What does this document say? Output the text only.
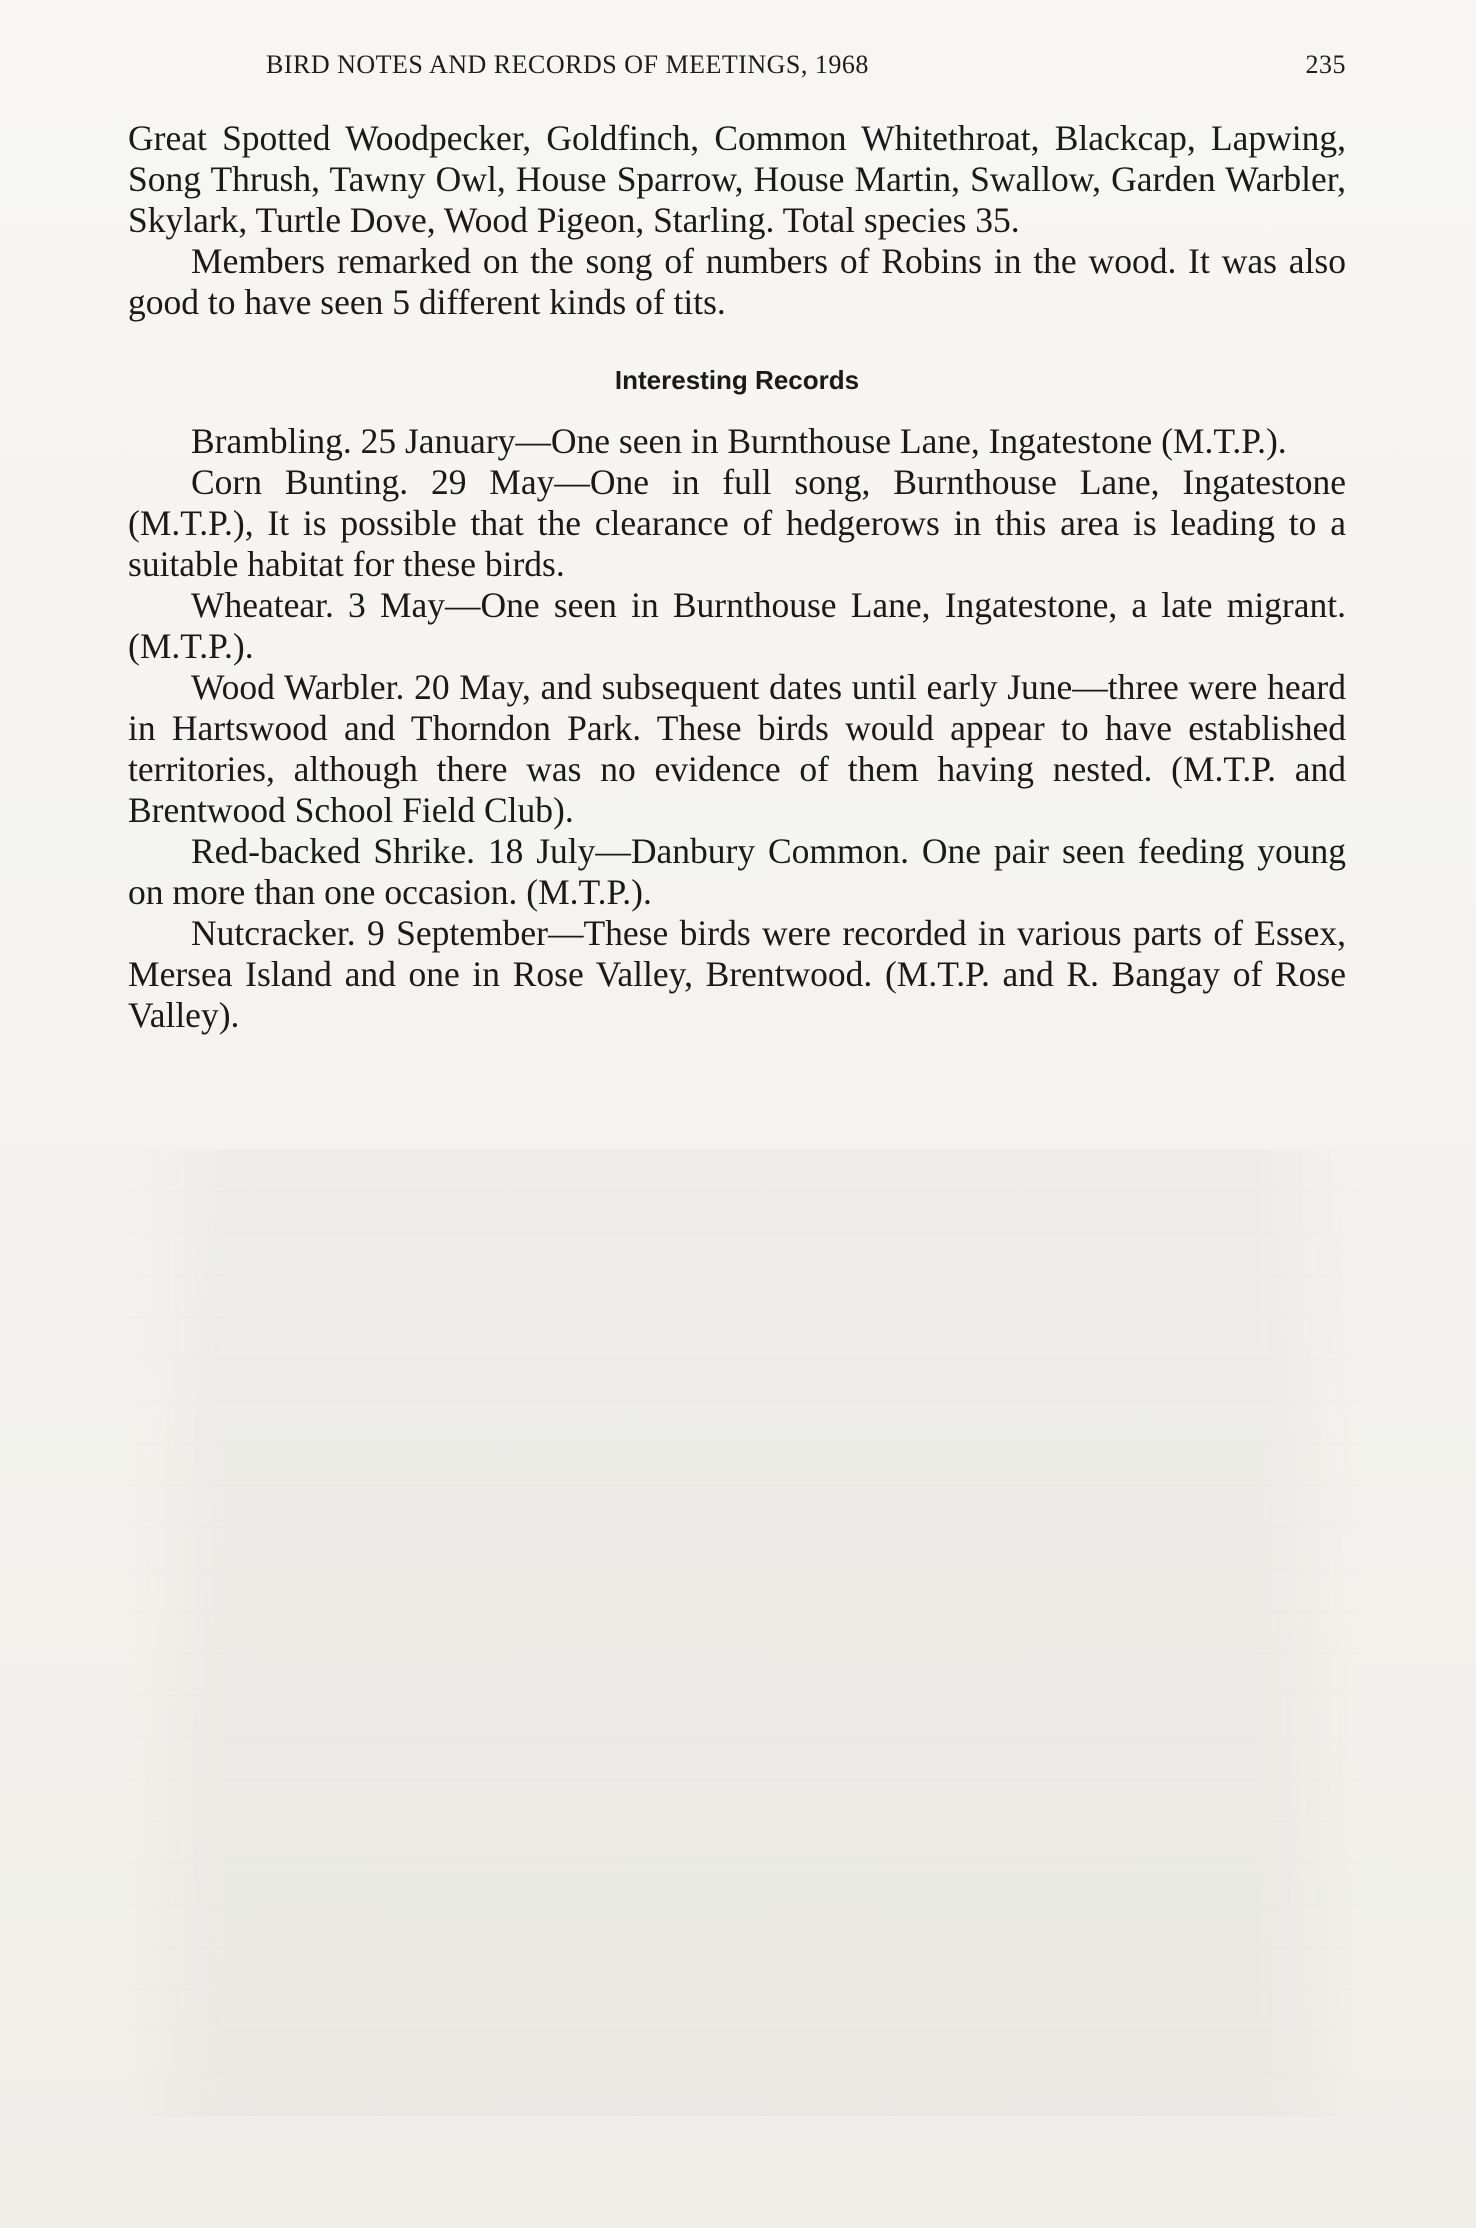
BIRD NOTES AND RECORDS OF MEETINGS, 1968	235

Great Spotted Woodpecker, Goldfinch, Common Whitethroat, Blackcap, Lapwing, Song Thrush, Tawny Owl, House Sparrow, House Martin, Swallow, Garden Warbler, Skylark, Turtle Dove, Wood Pigeon, Starling. Total species 35.

Members remarked on the song of numbers of Robins in the wood. It was also good to have seen 5 different kinds of tits.

Interesting Records

Brambling. 25 January—One seen in Burnthouse Lane, Ingatestone (M.T.P.).

Corn Bunting. 29 May—One in full song, Burnthouse Lane, Ingatestone (M.T.P.), It is possible that the clearance of hedgerows in this area is leading to a suitable habitat for these birds.

Wheatear. 3 May—One seen in Burnthouse Lane, Ingatestone, a late migrant. (M.T.P.).

Wood Warbler. 20 May, and subsequent dates until early June—three were heard in Hartswood and Thorndon Park. These birds would appear to have established territories, although there was no evidence of them having nested. (M.T.P. and Brentwood School Field Club).

Red-backed Shrike. 18 July—Danbury Common. One pair seen feeding young on more than one occasion. (M.T.P.).

Nutcracker. 9 September—These birds were recorded in various parts of Essex, Mersea Island and one in Rose Valley, Brentwood. (M.T.P. and R. Bangay of Rose Valley).
